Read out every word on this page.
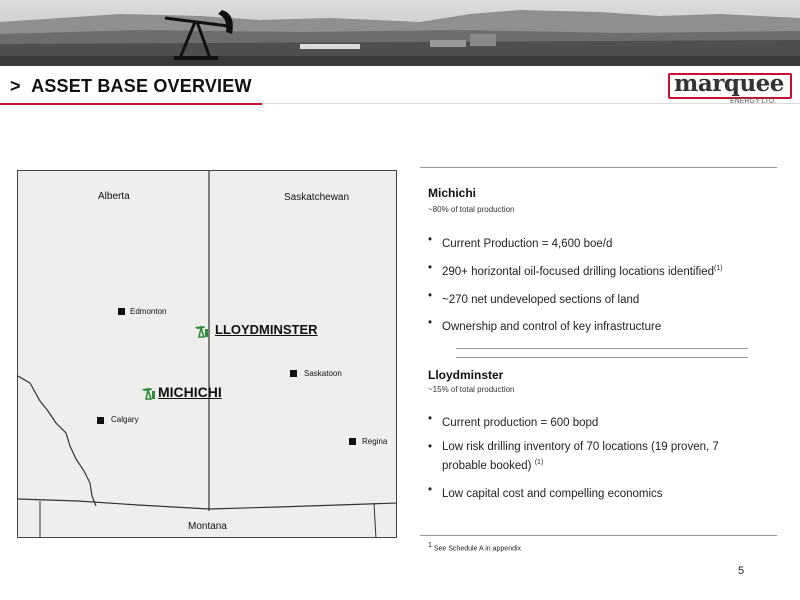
> ASSET BASE OVERVIEW	marquee
ENERGY LTD.
Alberta	Saskatchewan
Montana
Edmonton
Saskatoon
Calgary
Regina
LLOYDMINSTER
MICHICHI
Michichi
~80% of total production
• Current Production = 4,600 boe/d
• 290+ horizontal oil-focused drilling locations identified$^{(1)}$
• ~270 net undeveloped sections of land
• Ownership and control of key infrastructure
Lloydminster
~15% of total production
• Current production = 600 bopd
• Low risk drilling inventory of 70 locations (19 proven, 7 probable booked) $^{(1)}$
• Low capital cost and compelling economics
$^1$ See Schedule A in appendix
5
